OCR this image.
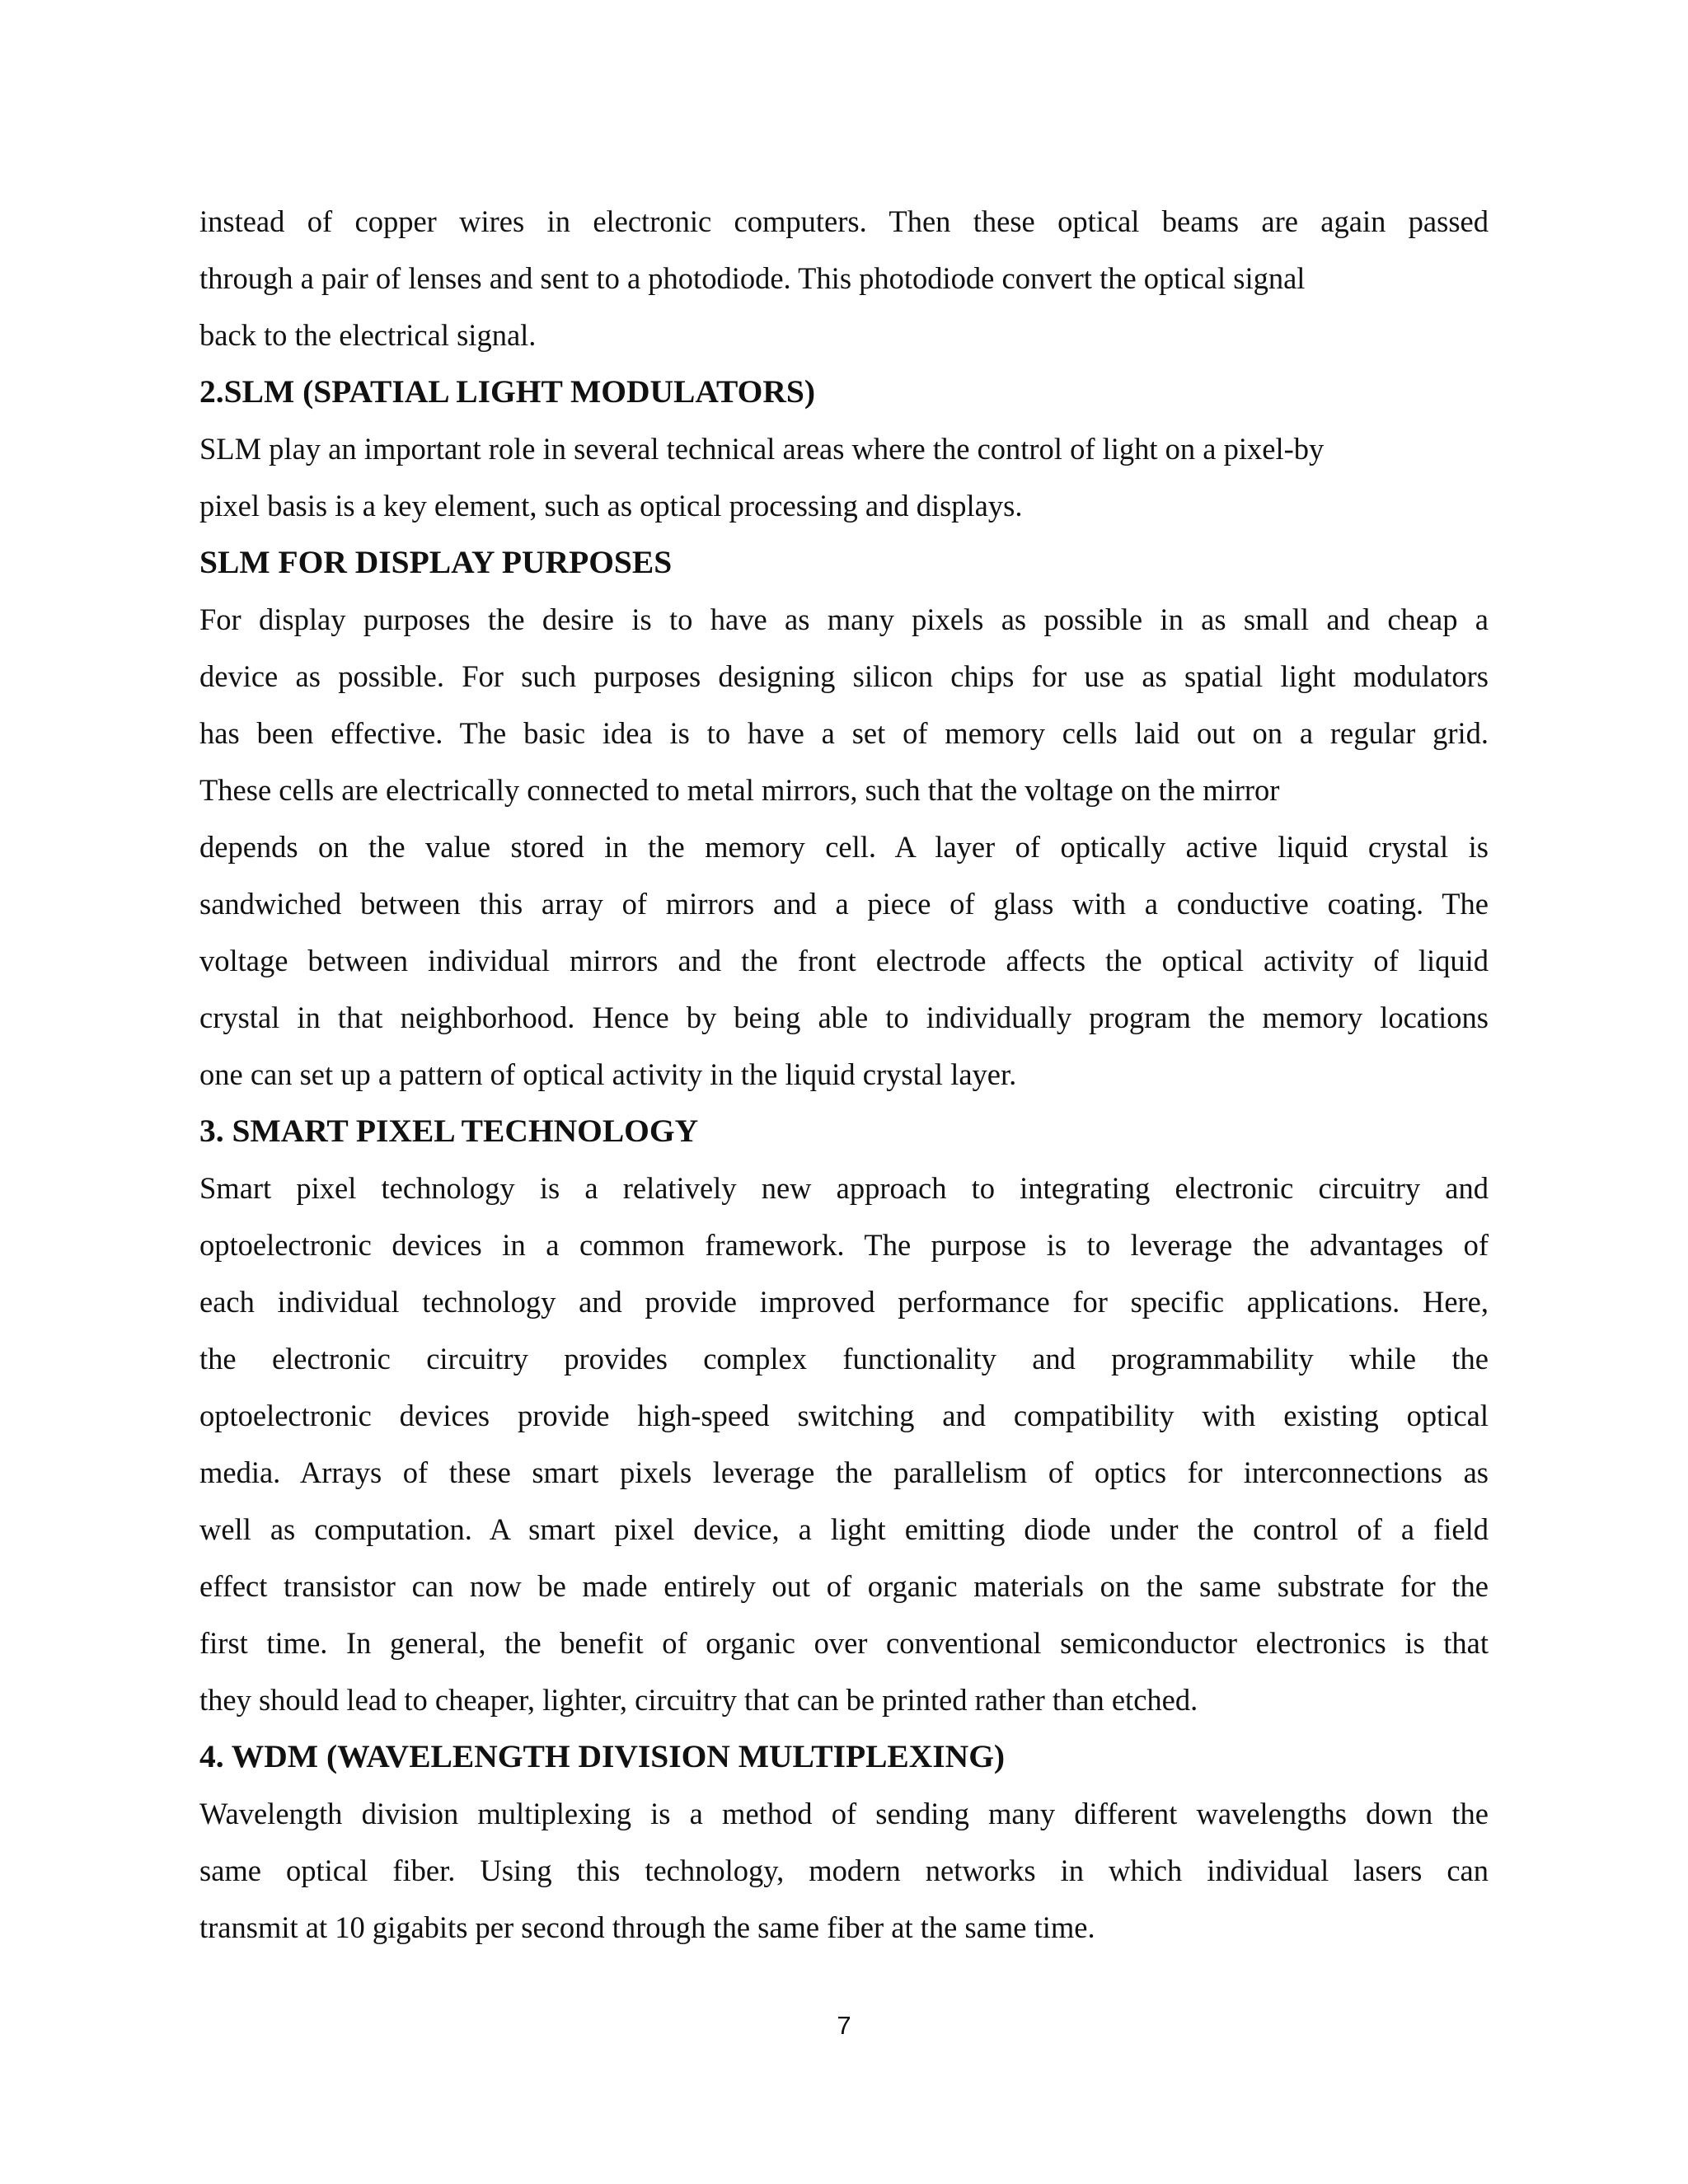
instead of copper wires in electronic computers. Then these optical beams are again passed
through a pair of lenses and sent to a photodiode. This photodiode convert the optical signal
back to the electrical signal.
2.SLM (SPATIAL LIGHT MODULATORS)
SLM play an important role in several technical areas where the control of light on a pixel-by
pixel basis is a key element, such as optical processing and displays.
SLM FOR DISPLAY PURPOSES
For display purposes the desire is to have as many pixels as possible in as small and cheap a
device as possible. For such purposes designing silicon chips for use as spatial light modulators
has been effective. The basic idea is to have a set of memory cells laid out on a regular grid.
These cells are electrically connected to metal mirrors, such that the voltage on the mirror
depends on the value stored in the memory cell. A layer of optically active liquid crystal is
sandwiched between this array of mirrors and a piece of glass with a conductive coating. The
voltage between individual mirrors and the front electrode affects the optical activity of liquid
crystal in that neighborhood. Hence by being able to individually program the memory locations
one can set up a pattern of optical activity in the liquid crystal layer.
3. SMART PIXEL TECHNOLOGY
Smart pixel technology is a relatively new approach to integrating electronic circuitry and
optoelectronic devices in a common framework. The purpose is to leverage the advantages of
each individual technology and provide improved performance for specific applications. Here,
the electronic circuitry provides complex functionality and programmability while the
optoelectronic devices provide high-speed switching and compatibility with existing optical
media. Arrays of these smart pixels leverage the parallelism of optics for interconnections as
well as computation. A smart pixel device, a light emitting diode under the control of a field
effect transistor can now be made entirely out of organic materials on the same substrate for the
first time. In general, the benefit of organic over conventional semiconductor electronics is that
they should lead to cheaper, lighter, circuitry that can be printed rather than etched.
4. WDM (WAVELENGTH DIVISION MULTIPLEXING)
Wavelength division multiplexing is a method of sending many different wavelengths down the
same optical fiber. Using this technology, modern networks in which individual lasers can
transmit at 10 gigabits per second through the same fiber at the same time.
7
